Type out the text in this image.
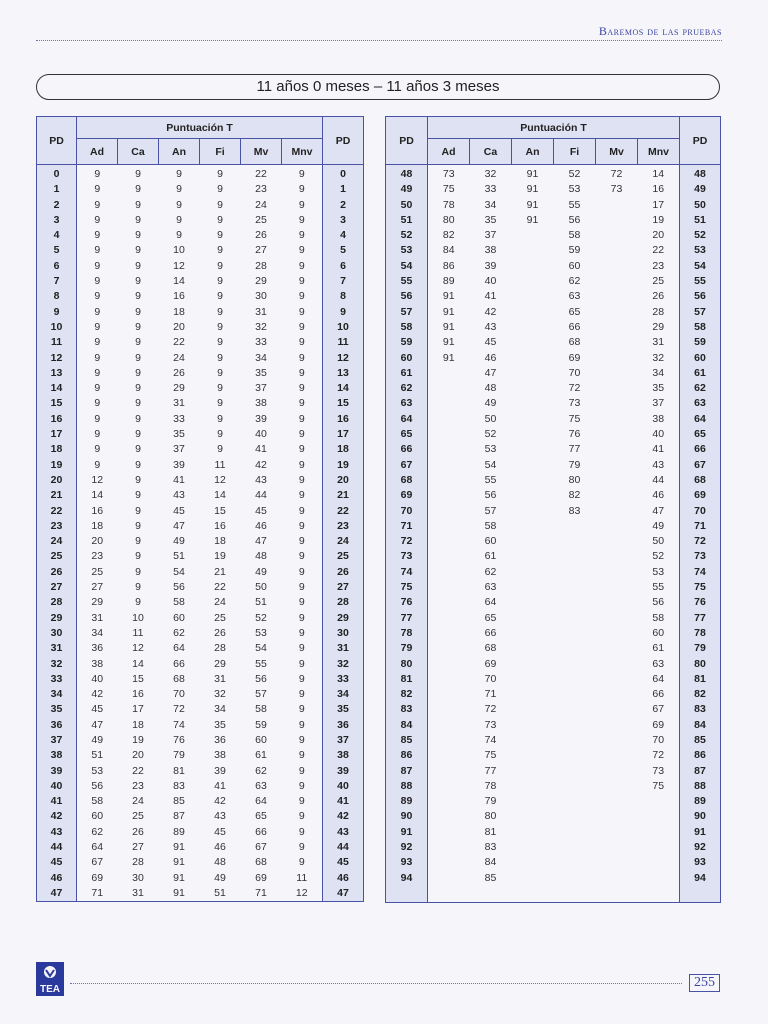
Baremos de las pruebas
11 años 0 meses – 11 años 3 meses
PD	Puntuación T						PD
	Ad	Ca	An	Fi	Mv	Mnv	
0	9	9	9	9	22	9	0
1	9	9	9	9	23	9	1
2	9	9	9	9	24	9	2
3	9	9	9	9	25	9	3
4	9	9	9	9	26	9	4
5	9	9	10	9	27	9	5
6	9	9	12	9	28	9	6
7	9	9	14	9	29	9	7
8	9	9	16	9	30	9	8
9	9	9	18	9	31	9	9
10	9	9	20	9	32	9	10
11	9	9	22	9	33	9	11
12	9	9	24	9	34	9	12
13	9	9	26	9	35	9	13
14	9	9	29	9	37	9	14
15	9	9	31	9	38	9	15
16	9	9	33	9	39	9	16
17	9	9	35	9	40	9	17
18	9	9	37	9	41	9	18
19	9	9	39	11	42	9	19
20	12	9	41	12	43	9	20
21	14	9	43	14	44	9	21
22	16	9	45	15	45	9	22
23	18	9	47	16	46	9	23
24	20	9	49	18	47	9	24
25	23	9	51	19	48	9	25
26	25	9	54	21	49	9	26
27	27	9	56	22	50	9	27
28	29	9	58	24	51	9	28
29	31	10	60	25	52	9	29
30	34	11	62	26	53	9	30
31	36	12	64	28	54	9	31
32	38	14	66	29	55	9	32
33	40	15	68	31	56	9	33
34	42	16	70	32	57	9	34
35	45	17	72	34	58	9	35
36	47	18	74	35	59	9	36
37	49	19	76	36	60	9	37
38	51	20	79	38	61	9	38
39	53	22	81	39	62	9	39
40	56	23	83	41	63	9	40
41	58	24	85	42	64	9	41
42	60	25	87	43	65	9	42
43	62	26	89	45	66	9	43
44	64	27	91	46	67	9	44
45	67	28	91	48	68	9	45
46	69	30	91	49	69	11	46
47	71	31	91	51	71	12	47
PD	Puntuación T						PD
	Ad	Ca	An	Fi	Mv	Mnv	
48	73	32	91	52	72	14	48
49	75	33	91	53	73	16	49
50	78	34	91	55		17	50
51	80	35	91	56		19	51
52	82	37		58		20	52
53	84	38		59		22	53
54	86	39		60		23	54
55	89	40		62		25	55
56	91	41		63		26	56
57	91	42		65		28	57
58	91	43		66		29	58
59	91	45		68		31	59
60	91	46		69		32	60
61		47		70		34	61
62		48		72		35	62
63		49		73		37	63
64		50		75		38	64
65		52		76		40	65
66		53		77		41	66
67		54		79		43	67
68		55		80		44	68
69		56		82		46	69
70		57		83		47	70
71		58				49	71
72		60				50	72
73		61				52	73
74		62				53	74
75		63				55	75
76		64				56	76
77		65				58	77
78		66				60	78
79		68				61	79
80		69				63	80
81		70				64	81
82		71				66	82
83		72				67	83
84		73				69	84
85		74				70	85
86		75				72	86
87		77				73	87
88		78				75	88
89		79					89
90		80					90
91		81					91
92		83					92
93		84					93
94		85					94

TEA	255
